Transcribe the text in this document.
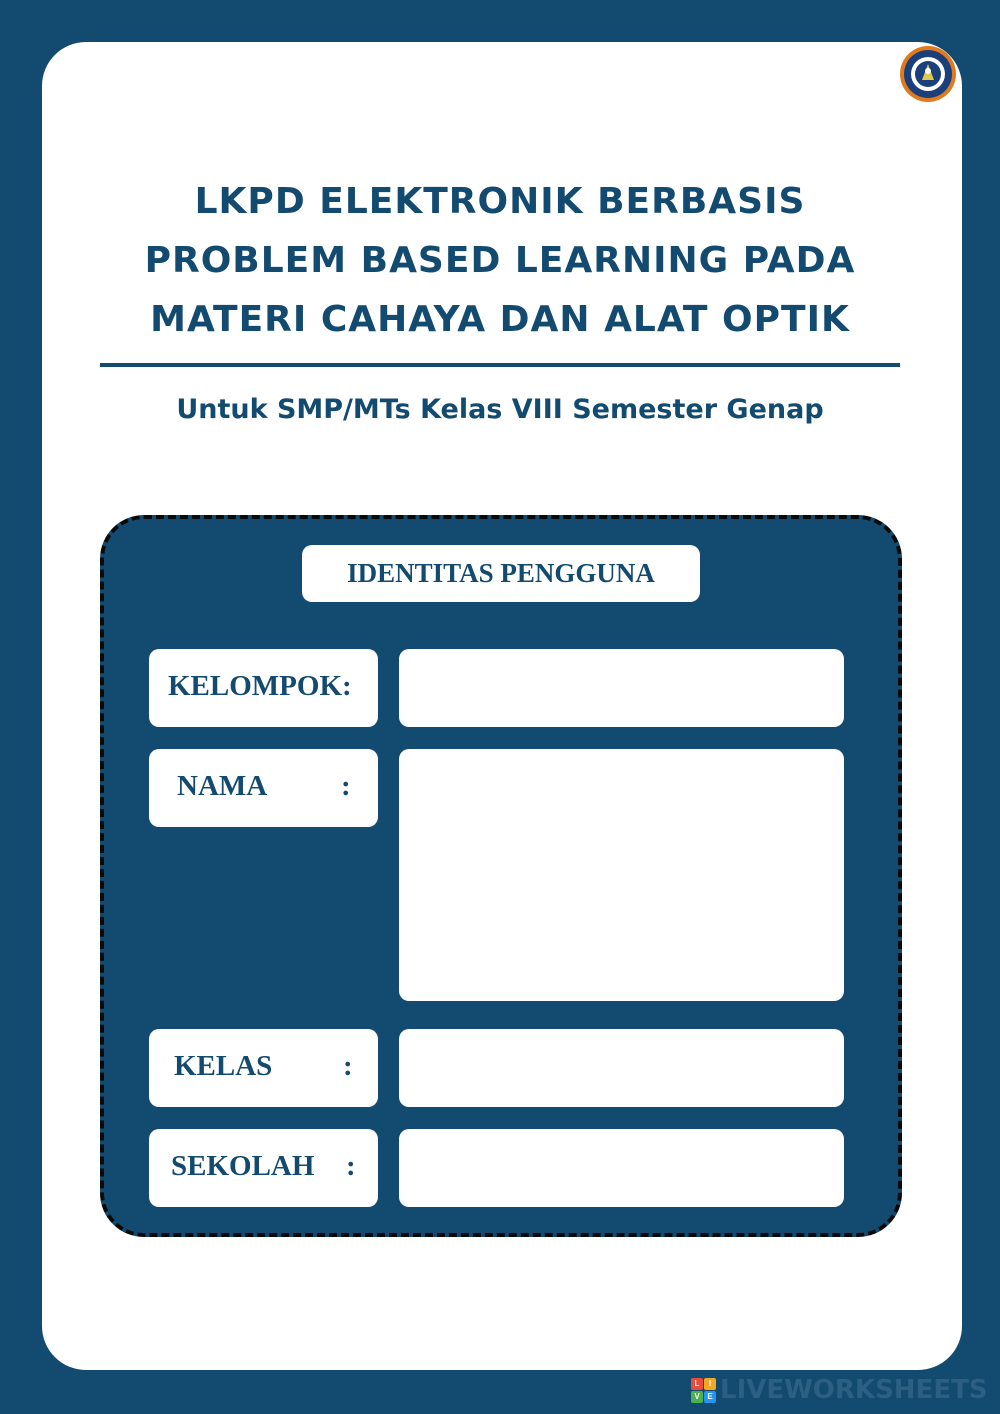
LKPD ELEKTRONIK BERBASIS
PROBLEM BASED LEARNING PADA
MATERI CAHAYA DAN ALAT OPTIK
Untuk SMP/MTs Kelas VIII Semester Genap
IDENTITAS PENGGUNA
KELOMPOK:
NAMA	:
KELAS :
SEKOLAH :
L	I
V E LIVEWORKSHEETS
